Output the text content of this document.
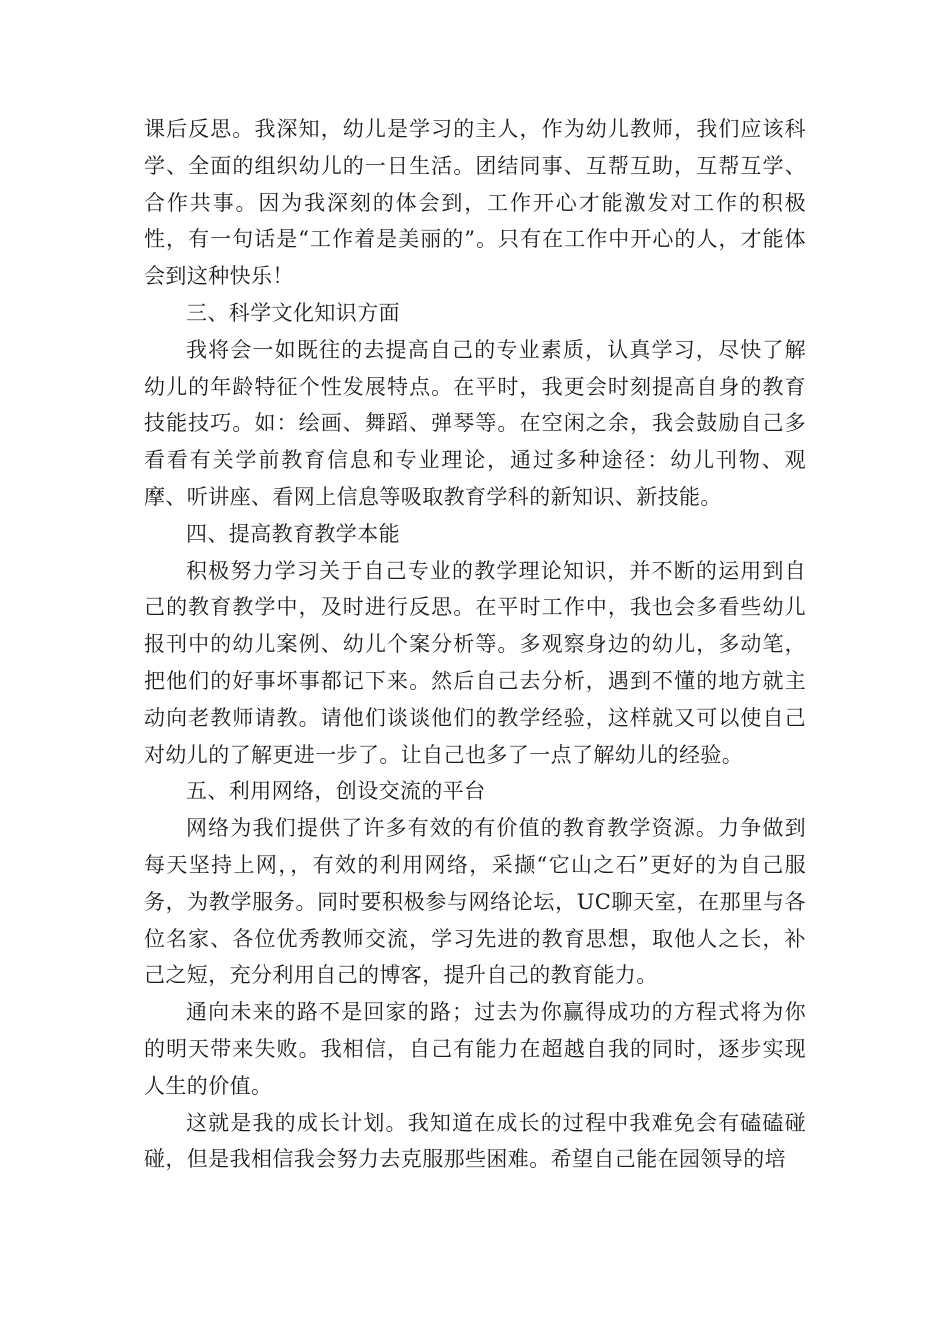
课后反思。我深知，幼儿是学习的主人，作为幼儿教师，我们应该科学、全面的组织幼儿的一日生活。团结同事、互帮互助，互帮互学、合作共事。因为我深刻的体会到，工作开心才能激发对工作的积极性，有一句话是“工作着是美丽的”。只有在工作中开心的人，才能体会到这种快乐！

三、科学文化知识方面

我将会一如既往的去提高自己的专业素质，认真学习，尽快了解幼儿的年龄特征个性发展特点。在平时，我更会时刻提高自身的教育技能技巧。如：绘画、舞蹈、弹琴等。在空闲之余，我会鼓励自己多看看有关学前教育信息和专业理论，通过多种途径：幼儿刊物、观摩、听讲座、看网上信息等吸取教育学科的新知识、新技能。

四、提高教育教学本能

积极努力学习关于自己专业的教学理论知识，并不断的运用到自己的教育教学中，及时进行反思。在平时工作中，我也会多看些幼儿报刊中的幼儿案例、幼儿个案分析等。多观察身边的幼儿，多动笔，把他们的好事坏事都记下来。然后自己去分析，遇到不懂的地方就主动向老教师请教。请他们谈谈他们的教学经验，这样就又可以使自己对幼儿的了解更进一步了。让自己也多了一点了解幼儿的经验。

五、利用网络，创设交流的平台

网络为我们提供了许多有效的有价值的教育教学资源。力争做到每天坚持上网，，有效的利用网络，采撷“它山之石”更好的为自己服务，为教学服务。同时要积极参与网络论坛，UC聊天室，在那里与各位名家、各位优秀教师交流，学习先进的教育思想，取他人之长，补己之短，充分利用自己的博客，提升自己的教育能力。

通向未来的路不是回家的路；过去为你赢得成功的方程式将为你的明天带来失败。我相信，自己有能力在超越自我的同时，逐步实现人生的价值。

这就是我的成长计划。我知道在成长的过程中我难免会有磕磕碰碰，但是我相信我会努力去克服那些困难。希望自己能在园领导的培
